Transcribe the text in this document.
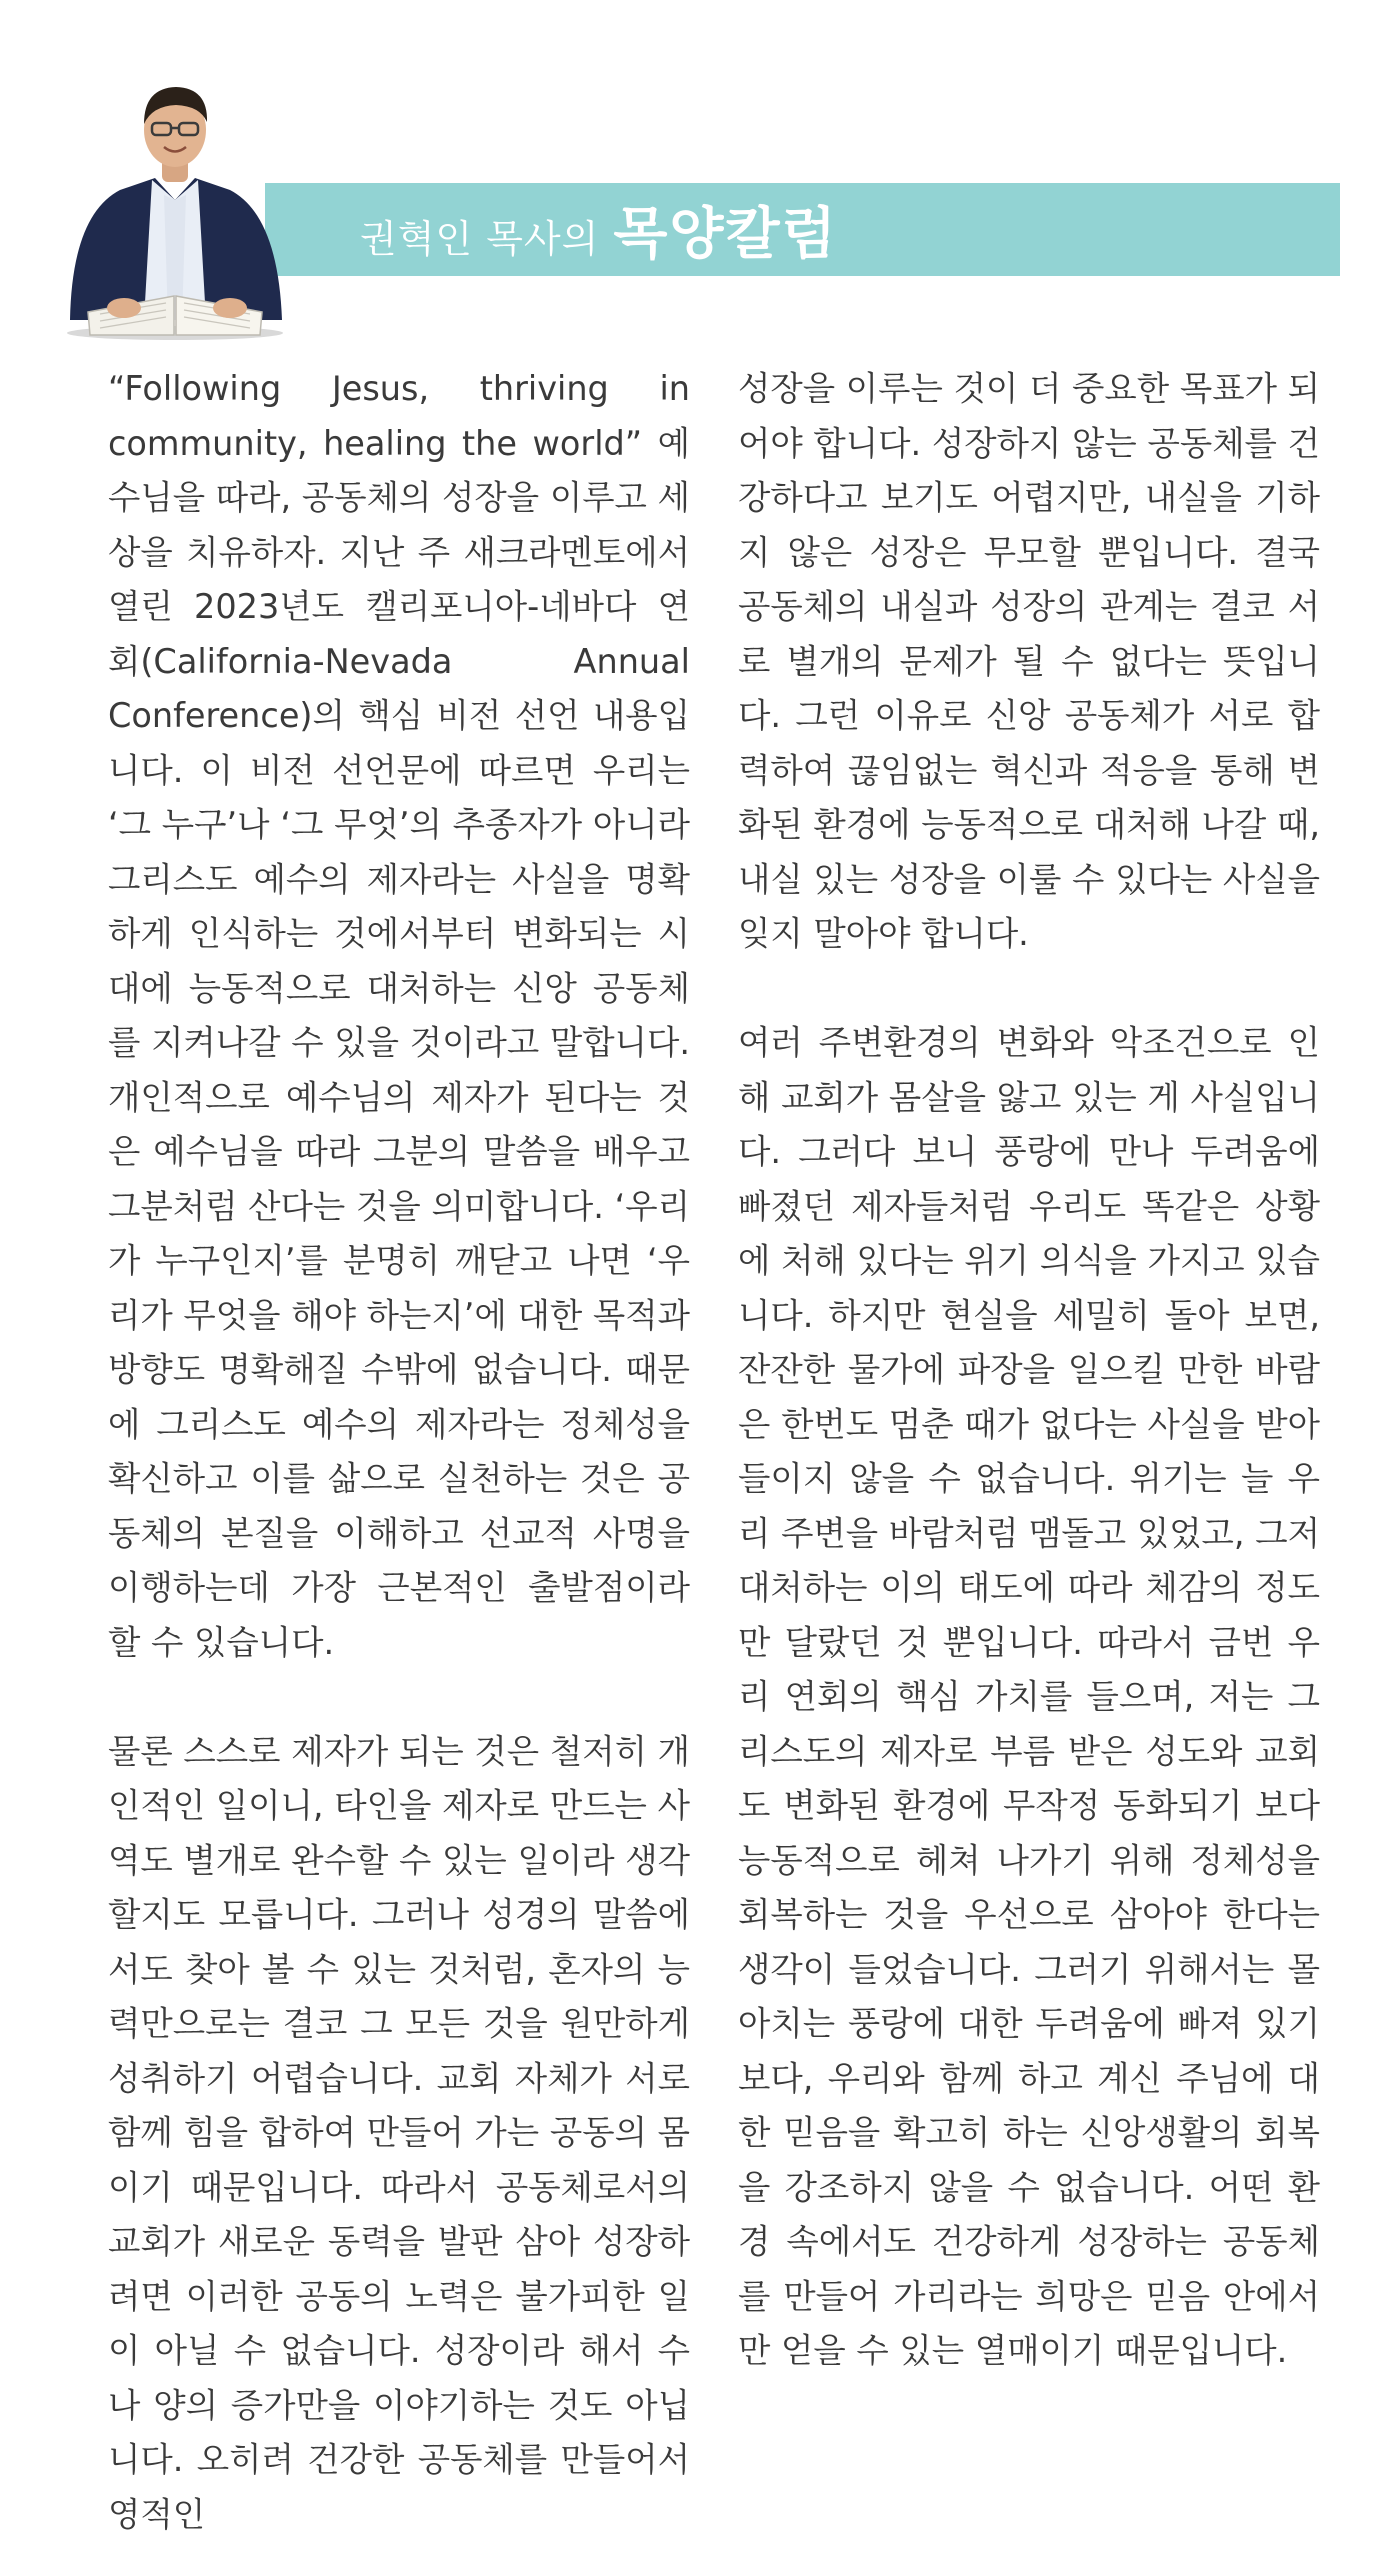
권혁인 목사의 목양칼럼

“Following Jesus, thriving in community, healing the world” 예수님을 따라, 공동체의 성장을 이루고 세상을 치유하자. 지난 주 새크라멘토에서 열린 2023년도 캘리포니아-네바다 연회(California-Nevada Annual Conference)의 핵심 비전 선언 내용입니다. 이 비전 선언문에 따르면 우리는 ‘그 누구’나 ‘그 무엇’의 추종자가 아니라 그리스도 예수의 제자라는 사실을 명확하게 인식하는 것에서부터 변화되는 시대에 능동적으로 대처하는 신앙 공동체를 지켜나갈 수 있을 것이라고 말합니다. 개인적으로 예수님의 제자가 된다는 것은 예수님을 따라 그분의 말씀을 배우고 그분처럼 산다는 것을 의미합니다. ‘우리가 누구인지’를 분명히 깨닫고 나면 ‘우리가 무엇을 해야 하는지’에 대한 목적과 방향도 명확해질 수밖에 없습니다. 때문에 그리스도 예수의 제자라는 정체성을 확신하고 이를 삶으로 실천하는 것은 공동체의 본질을 이해하고 선교적 사명을 이행하는데 가장 근본적인 출발점이라 할 수 있습니다.

물론 스스로 제자가 되는 것은 철저히 개인적인 일이니, 타인을 제자로 만드는 사역도 별개로 완수할 수 있는 일이라 생각할지도 모릅니다. 그러나 성경의 말씀에서도 찾아 볼 수 있는 것처럼, 혼자의 능력만으로는 결코 그 모든 것을 원만하게 성취하기 어렵습니다. 교회 자체가 서로 함께 힘을 합하여 만들어 가는 공동의 몸이기 때문입니다. 따라서 공동체로서의 교회가 새로운 동력을 발판 삼아 성장하려면 이러한 공동의 노력은 불가피한 일이 아닐 수 없습니다. 성장이라 해서 수나 양의 증가만을 이야기하는 것도 아닙니다. 오히려 건강한 공동체를 만들어서 영적인

성장을 이루는 것이 더 중요한 목표가 되어야 합니다. 성장하지 않는 공동체를 건강하다고 보기도 어렵지만, 내실을 기하지 않은 성장은 무모할 뿐입니다. 결국 공동체의 내실과 성장의 관계는 결코 서로 별개의 문제가 될 수 없다는 뜻입니다. 그런 이유로 신앙 공동체가 서로 합력하여 끊임없는 혁신과 적응을 통해 변화된 환경에 능동적으로 대처해 나갈 때, 내실 있는 성장을 이룰 수 있다는 사실을 잊지 말아야 합니다.

여러 주변환경의 변화와 악조건으로 인해 교회가 몸살을 앓고 있는 게 사실입니다. 그러다 보니 풍랑에 만나 두려움에 빠졌던 제자들처럼 우리도 똑같은 상황에 처해 있다는 위기 의식을 가지고 있습니다. 하지만 현실을 세밀히 돌아 보면, 잔잔한 물가에 파장을 일으킬 만한 바람은 한번도 멈춘 때가 없다는 사실을 받아들이지 않을 수 없습니다. 위기는 늘 우리 주변을 바람처럼 맴돌고 있었고, 그저 대처하는 이의 태도에 따라 체감의 정도만 달랐던 것 뿐입니다. 따라서 금번 우리 연회의 핵심 가치를 들으며, 저는 그리스도의 제자로 부름 받은 성도와 교회도 변화된 환경에 무작정 동화되기 보다 능동적으로 헤쳐 나가기 위해 정체성을 회복하는 것을 우선으로 삼아야 한다는 생각이 들었습니다. 그러기 위해서는 몰아치는 풍랑에 대한 두려움에 빠져 있기 보다, 우리와 함께 하고 계신 주님에 대한 믿음을 확고히 하는 신앙생활의 회복을 강조하지 않을 수 없습니다. 어떤 환경 속에서도 건강하게 성장하는 공동체를 만들어 가리라는 희망은 믿음 안에서만 얻을 수 있는 열매이기 때문입니다.
